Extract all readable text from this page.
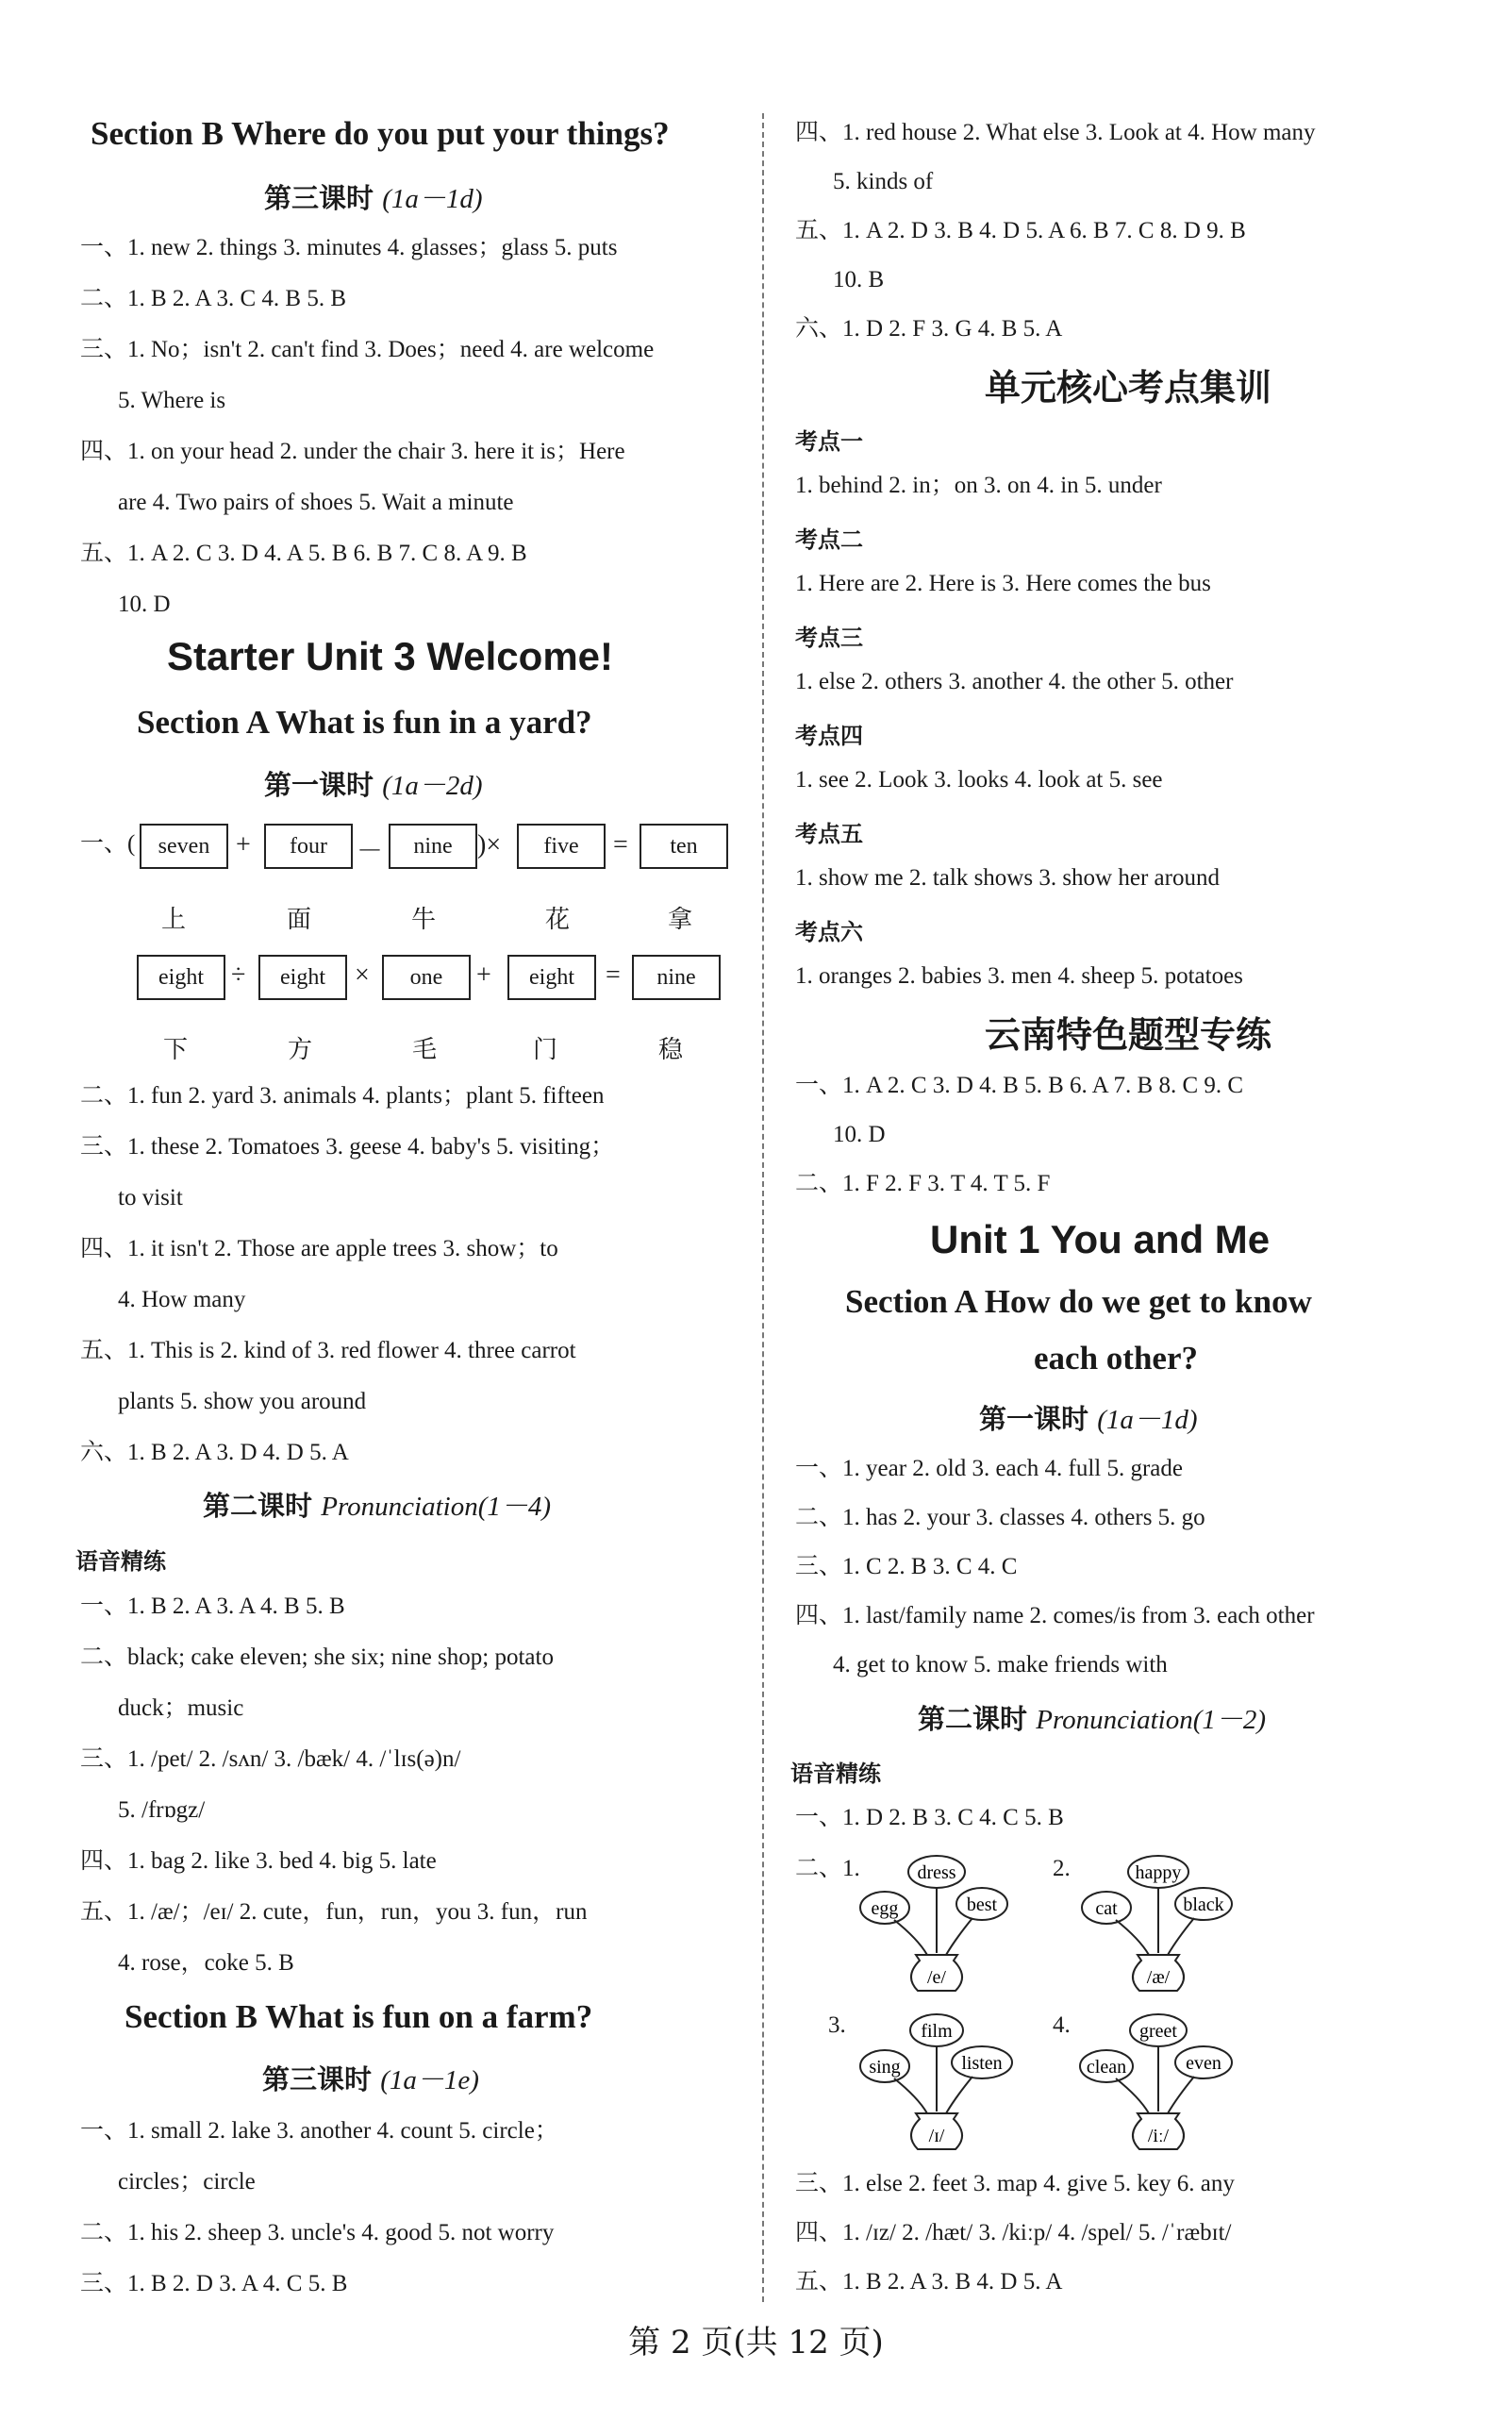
Section B Where do you put your things?
第三课时 (1a－1d)
一、1. new 2. things 3. minutes 4. glasses；glass 5. puts
二、1. B 2. A 3. C 4. B 5. B
三、1. No；isn't 2. can't find 3. Does；need 4. are welcome
5. Where is
四、1. on your head 2. under the chair 3. here it is；Here
are 4. Two pairs of shoes 5. Wait a minute
五、1. A 2. C 3. D 4. A 5. B 6. B 7. C 8. A 9. B
10. D
Starter Unit 3 Welcome!
Section A What is fun in a yard?
第一课时 (1a－2d)
一、(	seven +	four	－	nine )×	five	=	ten
上	面	牛	花	拿
eight	÷	eight	×	one	+	eight	=	nine
下	方	毛	门	稳
二、1. fun 2. yard 3. animals 4. plants；plant 5. fifteen
三、1. these 2. Tomatoes 3. geese 4. baby's 5. visiting；
to visit
四、1. it isn't 2. Those are apple trees 3. show；to
4. How many
五、1. This is 2. kind of 3. red flower 4. three carrot
plants 5. show you around
六、1. B 2. A 3. D 4. D 5. A
第二课时 Pronunciation(1－4)
语音精练
一、1. B 2. A 3. A 4. B 5. B
二、black; cake eleven; she six; nine shop; potato
duck；music
三、1. /pet/ 2. /sʌn/ 3. /bæk/ 4. /ˈlɪs(ə)n/
5. /frɒgz/
四、1. bag 2. like 3. bed 4. big 5. late
五、1. /æ/；/eɪ/ 2. cute，fun，run，you 3. fun，run
4. rose，coke 5. B
Section B What is fun on a farm?
第三课时 (1a－1e)
一、1. small 2. lake 3. another 4. count 5. circle；
circles；circle
二、1. his 2. sheep 3. uncle's 4. good 5. not worry
三、1. B 2. D 3. A 4. C 5. B
四、1. red house 2. What else 3. Look at 4. How many
5. kinds of
五、1. A 2. D 3. B 4. D 5. A 6. B 7. C 8. D 9. B
10. B
六、1. D 2. F 3. G 4. B 5. A
单元核心考点集训
考点一
1. behind 2. in；on 3. on 4. in 5. under
考点二
1. Here are 2. Here is 3. Here comes the bus
考点三
1. else 2. others 3. another 4. the other 5. other
考点四
1. see 2. Look 3. looks 4. look at 5. see
考点五
1. show me 2. talk shows 3. show her around
考点六
1. oranges 2. babies 3. men 4. sheep 5. potatoes
云南特色题型专练
一、1. A 2. C 3. D 4. B 5. B 6. A 7. B 8. C 9. C
10. D
二、1. F 2. F 3. T 4. T 5. F
Unit 1 You and Me
Section A How do we get to know
each other?
第一课时 (1a－1d)
一、1. year 2. old 3. each 4. full 5. grade
二、1. has 2. your 3. classes 4. others 5. go
三、1. C 2. B 3. C 4. C
四、1. last/family name 2. comes/is from 3. each other
4. get to know 5. make friends with
第二课时 Pronunciation(1－2)
语音精练
一、1. D 2. B 3. C 4. C 5. B
二、1.
egg
dress
best
/e/
2.
cat
happy
black
/æ/
3.
sing
film
listen
/ɪ/
4.
clean
greet
even
/iː/
三、1. else 2. feet 3. map 4. give 5. key 6. any
四、1. /ɪz/ 2. /hæt/ 3. /kiːp/ 4. /spel/ 5. /ˈræbɪt/
五、1. B 2. A 3. B 4. D 5. A
第 2 页(共 12 页)
